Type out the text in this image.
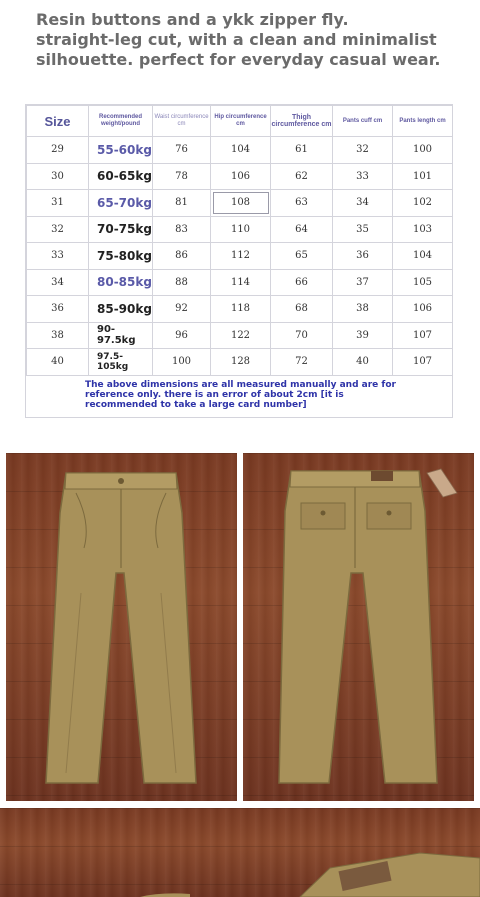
Resin buttons and a ykk zipper fly.
straight-leg cut, with a clean and minimalist
silhouette. perfect for everyday casual wear.
Size	Recommended weight/pound	Waist circumference cm	Hip circumference cm	Thigh circumference cm	Pants cuff cm	Pants length cm
29	55-60kg	76	104	61	32	100
30	60-65kg	78	106	62	33	101
31	65-70kg	81	108	63	34	102
32	70-75kg	83	110	64	35	103
33	75-80kg	86	112	65	36	104
34	80-85kg	88	114	66	37	105
36	85-90kg	92	118	68	38	106
38	90-97.5kg	96	122	70	39	107
40	97.5-105kg	100	128	72	40	107
The above dimensions are all measured manually and are for reference only. there is an error of about 2cm [it is recommended to take a large card number]
